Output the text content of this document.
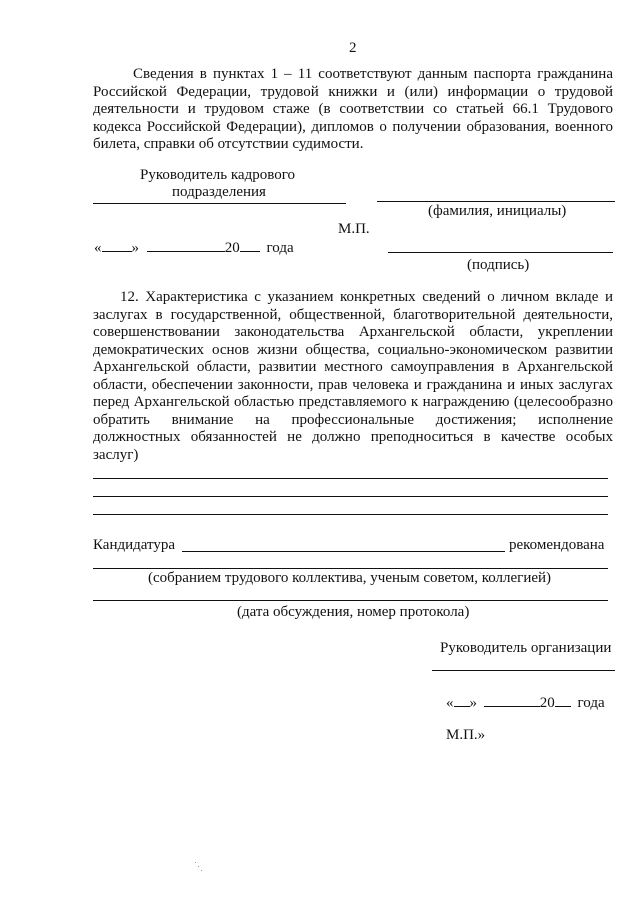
2

Сведения в пунктах 1 – 11 соответствуют данным паспорта гражданина Российской Федерации, трудовой книжки и (или) информации о трудовой деятельности и трудовом стаже (в соответствии со статьей 66.1 Трудового кодекса Российской Федерации), дипломов о получении образования, военного билета, справки об отсутствии судимости.

Руководитель кадрового

подразделения

(фамилия, инициалы)

М.П.

« »	20 года

(подпись)

12. Характеристика с указанием конкретных сведений о личном вкладе и заслугах в государственной, общественной, благотворительной деятельности, совершенствовании законодательства Архангельской области, укреплении демократических основ жизни общества, социально-экономическом развитии Архангельской области, развитии местного самоуправления в Архангельской области, обеспечении законности, прав человека и гражданина и иных заслугах перед Архангельской областью представляемого к награждению (целесообразно обратить внимание на профессиональные достижения; исполнение должностных обязанностей не должно преподноситься в качестве особых заслуг)

Кандидатура	рекомендована

(собранием трудового коллектива, ученым советом, коллегией)

(дата обсуждения, номер протокола)

Руководитель организации

« »	20 года

М.П.»
